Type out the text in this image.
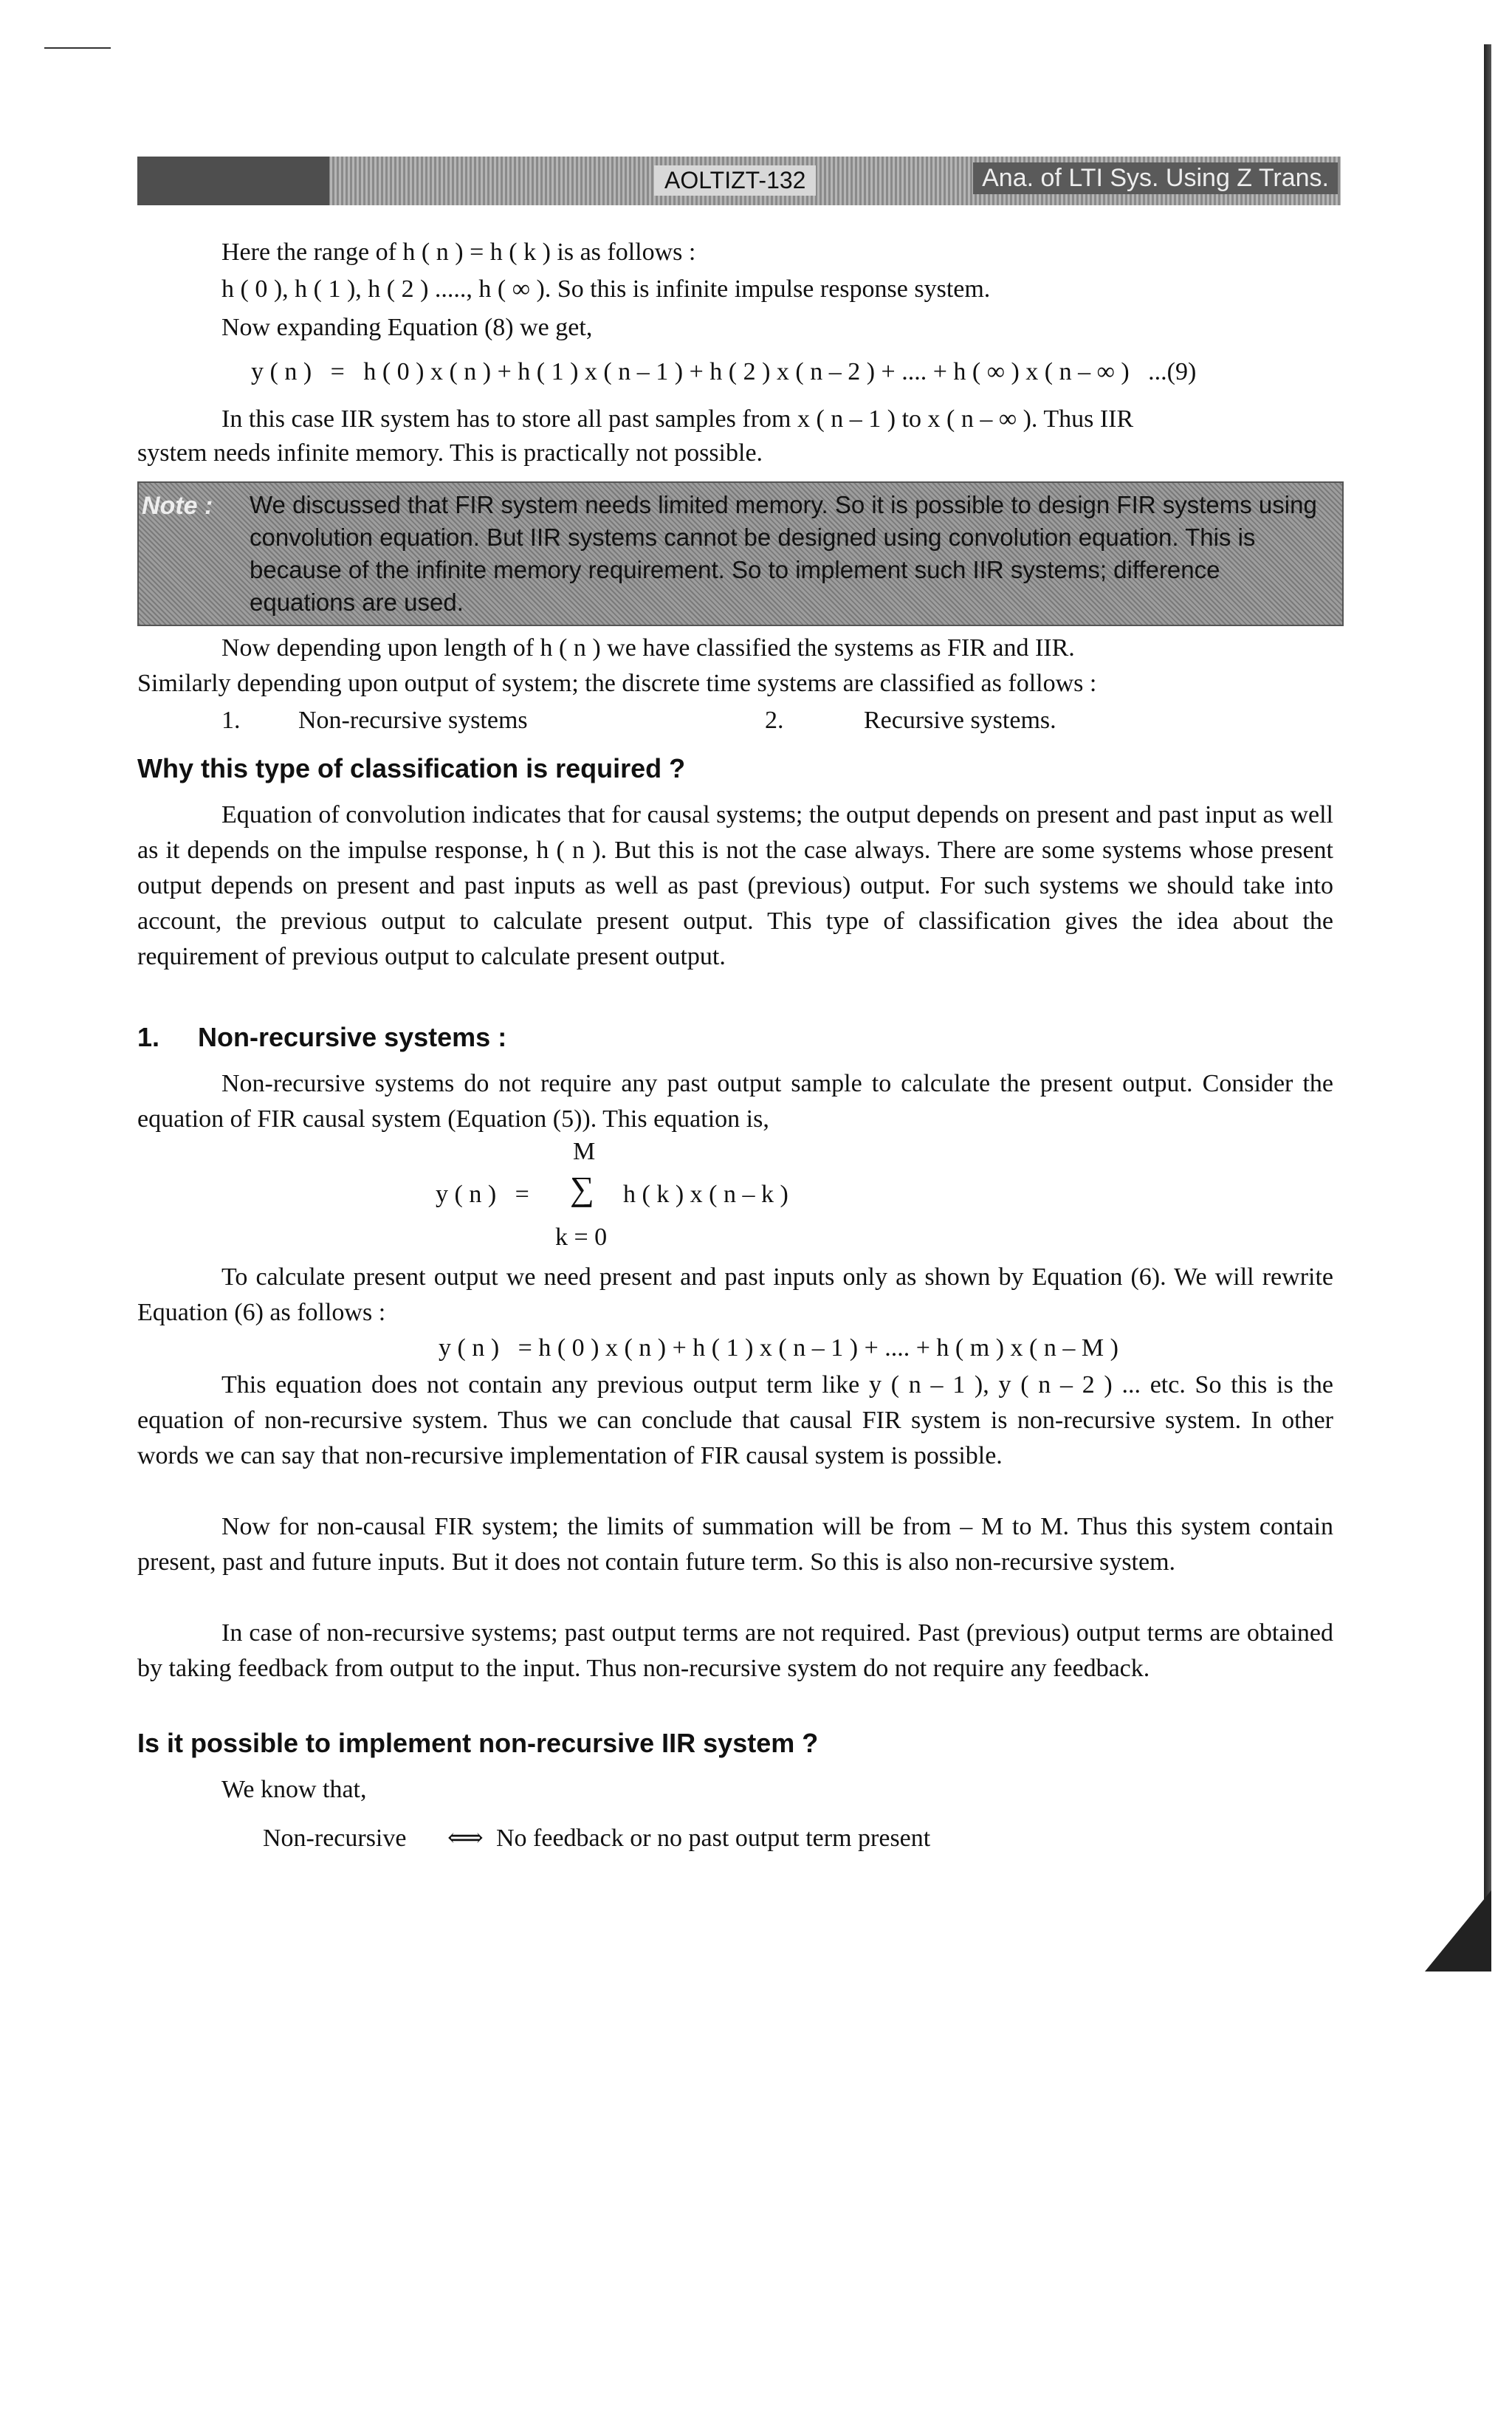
AOLTIZT-132	Ana. of LTI Sys. Using Z Trans.
Here the range of h ( n ) = h ( k ) is as follows :
h ( 0 ), h ( 1 ), h ( 2 ) ....., h ( ∞ ). So this is infinite impulse response system.
Now expanding Equation (8) we get,
y ( n )   =   h ( 0 ) x ( n ) + h ( 1 ) x ( n – 1 ) + h ( 2 ) x ( n – 2 ) + .... + h ( ∞ ) x ( n – ∞ )   ...(9)
In this case IIR system has to store all past samples from x ( n – 1 ) to x ( n – ∞ ). Thus IIR
system needs infinite memory. This is practically not possible.
Note : We discussed that FIR system needs limited memory. So it is possible to design FIR systems using convolution equation. But IIR systems cannot be designed using convolution equation. This is because of the infinite memory requirement. So to implement such IIR systems; difference equations are used.
Now depending upon length of h ( n ) we have classified the systems as FIR and IIR.
Similarly depending upon output of system; the discrete time systems are classified as follows :
1. Non-recursive systems	2.	Recursive systems.
Why this type of classification is required ?

Equation of convolution indicates that for causal systems; the output depends on present and past input as well as it depends on the impulse response, h ( n ). But this is not the case always. There are some systems whose present output depends on present and past inputs as well as past (previous) output. For such systems we should take into account, the previous output to calculate present output. This type of classification gives the idea about the requirement of previous output to calculate present output.

1. Non-recursive systems :

Non-recursive systems do not require any past output sample to calculate the present output. Consider the equation of FIR causal system (Equation (5)). This equation is,

M
y ( n )   = ∑ h ( k ) x ( n – k )
k = 0

To calculate present output we need present and past inputs only as shown by Equation (6). We will rewrite Equation (6) as follows :

y ( n )   = h ( 0 ) x ( n ) + h ( 1 ) x ( n – 1 ) + .... + h ( m ) x ( n – M )

This equation does not contain any previous output term like y ( n – 1 ), y ( n – 2 ) ... etc. So this is the equation of non-recursive system. Thus we can conclude that causal FIR system is non-recursive system. In other words we can say that non-recursive implementation of FIR causal system is possible.

Now for non-causal FIR system; the limits of summation will be from – M to M. Thus this system contain present, past and future inputs. But it does not contain future term. So this is also non-recursive system.

In case of non-recursive systems; past output terms are not required. Past (previous) output terms are obtained by taking feedback from output to the input. Thus non-recursive system do not require any feedback.

Is it possible to implement non-recursive IIR system ?
We know that,
Non-recursive ⟺ No feedback or no past output term present
